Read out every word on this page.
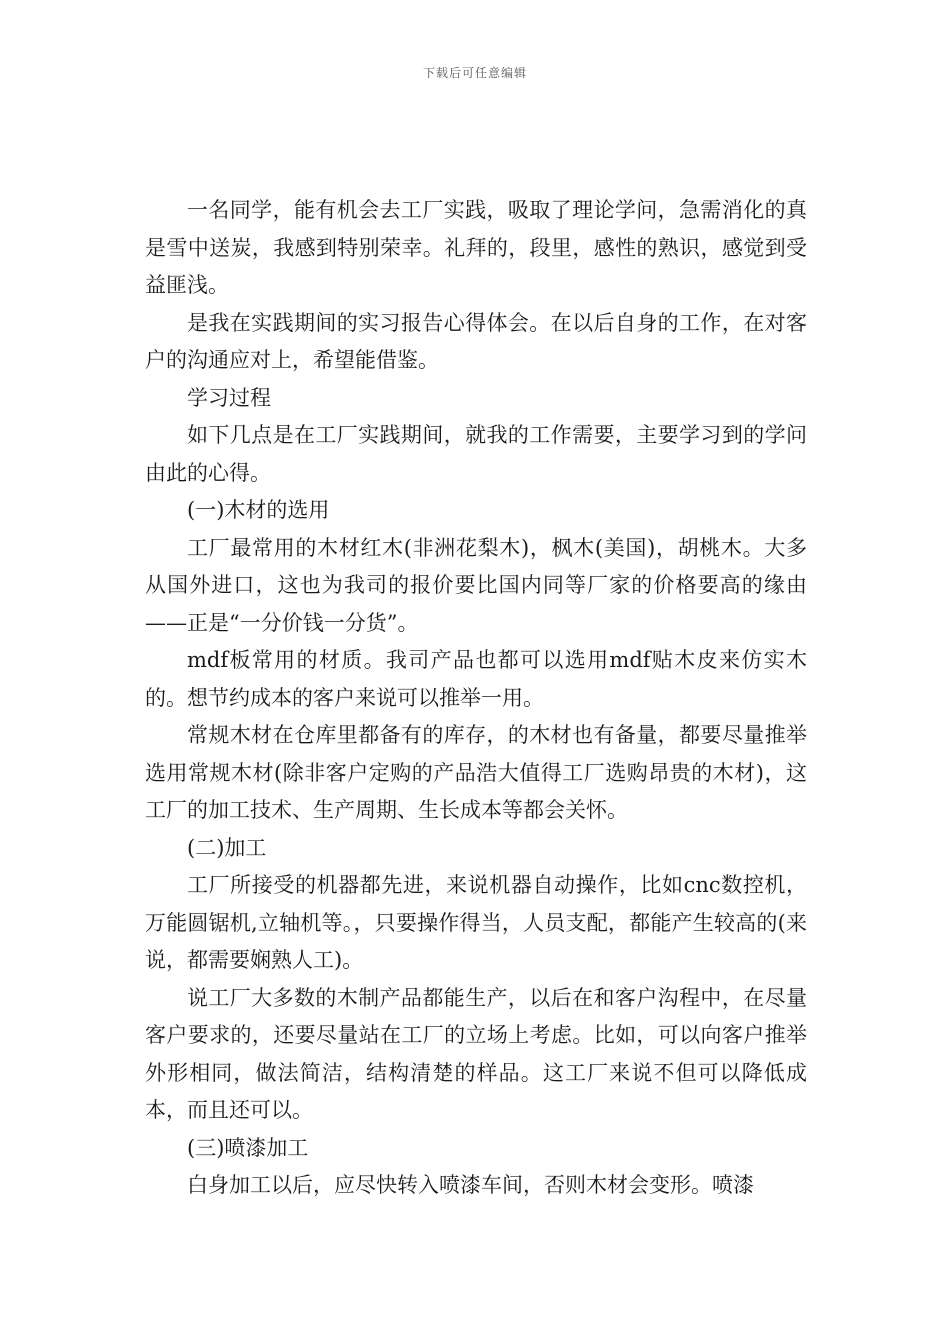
下载后可任意编辑

一名同学，能有机会去工厂实践，吸取了理论学问，急需消化的真是雪中送炭，我感到特别荣幸。礼拜的，段里，感性的熟识，感觉到受益匪浅。

是我在实践期间的实习报告心得体会。在以后自身的工作，在对客户的沟通应对上，希望能借鉴。

学习过程

如下几点是在工厂实践期间，就我的工作需要，主要学习到的学问由此的心得。

(一)木材的选用

工厂最常用的木材红木(非洲花梨木)，枫木(美国)，胡桃木。大多从国外进口，这也为我司的报价要比国内同等厂家的价格要高的缘由——正是“一分价钱一分货”。

mdf板常用的材质。我司产品也都可以选用mdf贴木皮来仿实木的。想节约成本的客户来说可以推举一用。

常规木材在仓库里都备有的库存，的木材也有备量，都要尽量推举选用常规木材(除非客户定购的产品浩大值得工厂选购昂贵的木材)，这工厂的加工技术、生产周期、生长成本等都会关怀。

(二)加工

工厂所接受的机器都先进，来说机器自动操作，比如cnc数控机，万能圆锯机,立轴机等。，只要操作得当，人员支配，都能产生较高的(来说，都需要娴熟人工)。

说工厂大多数的木制产品都能生产，以后在和客户沟程中，在尽量客户要求的，还要尽量站在工厂的立场上考虑。比如，可以向客户推举外形相同，做法简洁，结构清楚的样品。这工厂来说不但可以降低成本，而且还可以。

(三)喷漆加工

白身加工以后，应尽快转入喷漆车间，否则木材会变形。喷漆
